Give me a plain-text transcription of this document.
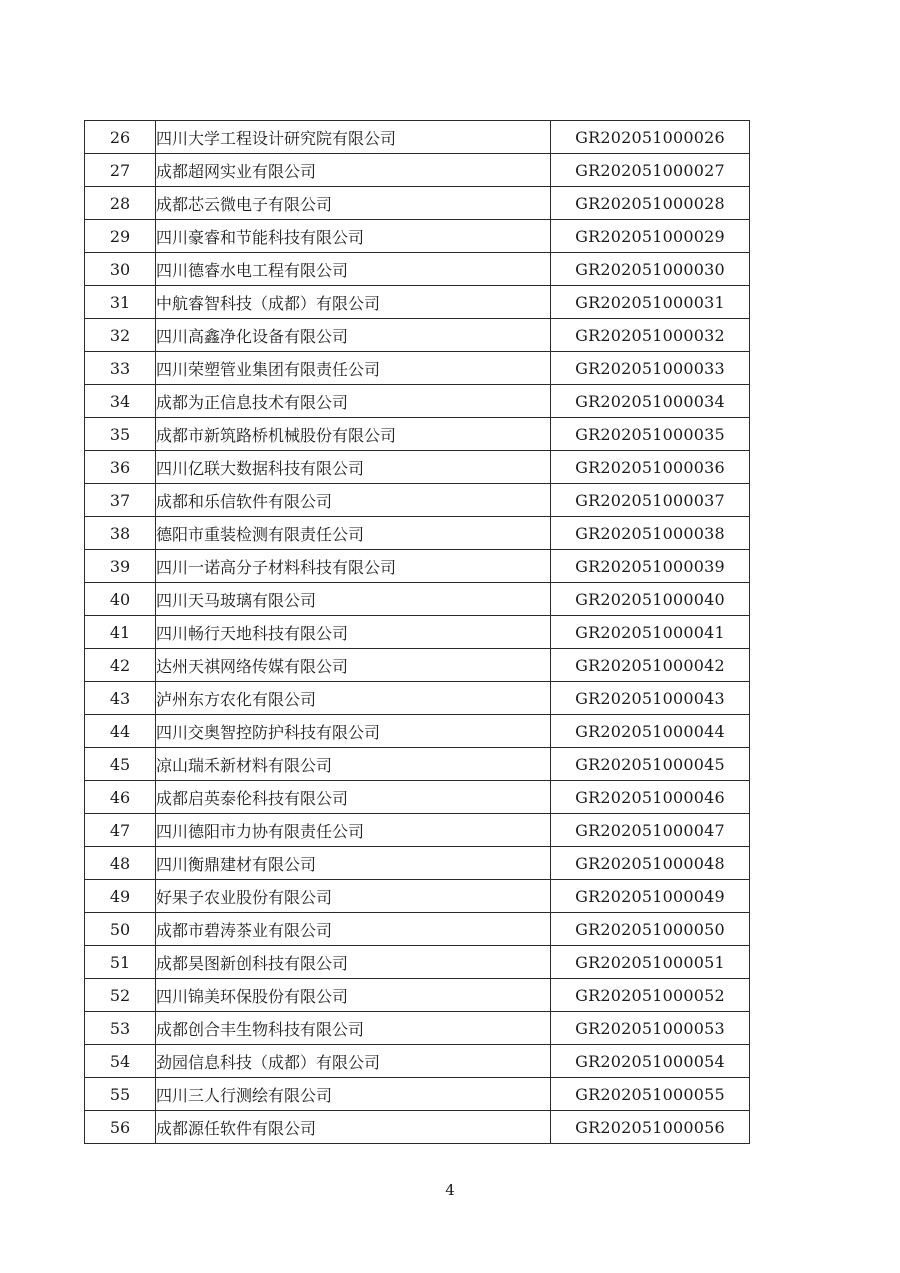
26	四川大学工程设计研究院有限公司	GR202051000026
27	成都超网实业有限公司	GR202051000027
28	成都芯云微电子有限公司	GR202051000028
29	四川豪睿和节能科技有限公司	GR202051000029
30	四川德睿水电工程有限公司	GR202051000030
31	中航睿智科技（成都）有限公司	GR202051000031
32	四川高鑫净化设备有限公司	GR202051000032
33	四川荣塑管业集团有限责任公司	GR202051000033
34	成都为正信息技术有限公司	GR202051000034
35	成都市新筑路桥机械股份有限公司	GR202051000035
36	四川亿联大数据科技有限公司	GR202051000036
37	成都和乐信软件有限公司	GR202051000037
38	德阳市重装检测有限责任公司	GR202051000038
39	四川一诺高分子材料科技有限公司	GR202051000039
40	四川天马玻璃有限公司	GR202051000040
41	四川畅行天地科技有限公司	GR202051000041
42	达州天祺网络传媒有限公司	GR202051000042
43	泸州东方农化有限公司	GR202051000043
44	四川交奥智控防护科技有限公司	GR202051000044
45	凉山瑞禾新材料有限公司	GR202051000045
46	成都启英泰伦科技有限公司	GR202051000046
47	四川德阳市力协有限责任公司	GR202051000047
48	四川衡鼎建材有限公司	GR202051000048
49	好果子农业股份有限公司	GR202051000049
50	成都市碧涛茶业有限公司	GR202051000050
51	成都昊图新创科技有限公司	GR202051000051
52	四川锦美环保股份有限公司	GR202051000052
53	成都创合丰生物科技有限公司	GR202051000053
54	劲园信息科技（成都）有限公司	GR202051000054
55	四川三人行测绘有限公司	GR202051000055
56	成都源任软件有限公司	GR202051000056
4
